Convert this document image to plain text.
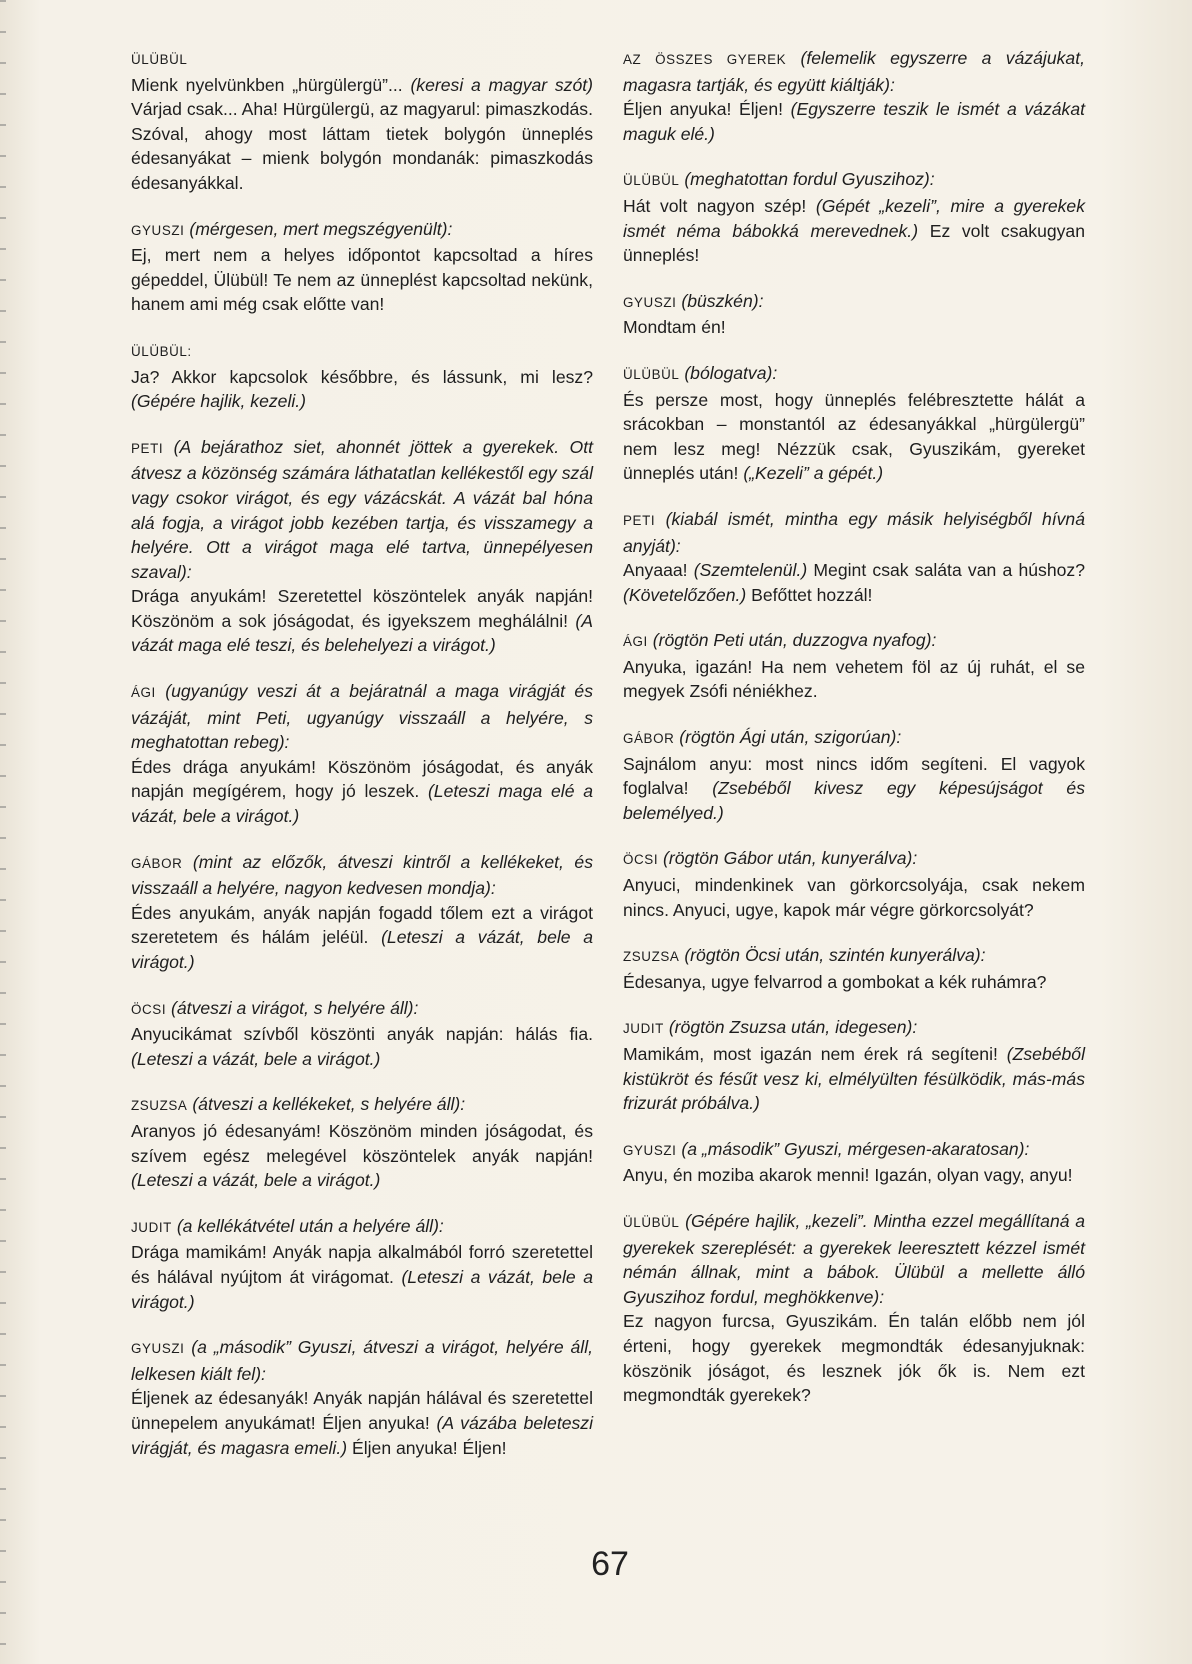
ÜLÜBÜL

Mienk nyelvünkben „hürgülergü”... (keresi a magyar szót) Várjad csak... Aha! Hürgülergü, az magyarul: pimaszkodás. Szóval, ahogy most láttam tietek bolygón ünneplés édesanyákat – mienk bolygón mondanák: pimaszkodás édesanyákkal.

GYUSZI (mérgesen, mert megszégyenült):

Ej, mert nem a helyes időpontot kapcsoltad a híres gépeddel, Ülübül! Te nem az ünneplést kapcsoltad nekünk, hanem ami még csak előtte van!

ÜLÜBÜL:

Ja? Akkor kapcsolok későbbre, és lássunk, mi lesz? (Gépére hajlik, kezeli.)

PETI (A bejárathoz siet, ahonnét jöttek a gyerekek. Ott átvesz a közönség számára láthatatlan kellékestől egy szál vagy csokor virágot, és egy vázácskát. A vázát bal hóna alá fogja, a virágot jobb kezében tartja, és visszamegy a helyére. Ott a virágot maga elé tartva, ünnepélyesen szaval):

Drága anyukám! Szeretettel köszöntelek anyák napján! Köszönöm a sok jóságodat, és igyekszem meghálálni! (A vázát maga elé teszi, és belehelyezi a virágot.)

ÁGI (ugyanúgy veszi át a bejáratnál a maga virágját és vázáját, mint Peti, ugyanúgy visszaáll a helyére, s meghatottan rebeg):

Édes drága anyukám! Köszönöm jóságodat, és anyák napján megígérem, hogy jó leszek. (Leteszi maga elé a vázát, bele a virágot.)

GÁBOR (mint az előzők, átveszi kintről a kellékeket, és visszaáll a helyére, nagyon kedvesen mondja):

Édes anyukám, anyák napján fogadd tőlem ezt a virágot szeretetem és hálám jeléül. (Leteszi a vázát, bele a virágot.)

ÖCSI (átveszi a virágot, s helyére áll):

Anyucikámat szívből köszönti anyák napján: hálás fia. (Leteszi a vázát, bele a virágot.)

ZSUZSA (átveszi a kellékeket, s helyére áll):

Aranyos jó édesanyám! Köszönöm minden jóságodat, és szívem egész melegével köszöntelek anyák napján! (Leteszi a vázát, bele a virágot.)

JUDIT (a kellékátvétel után a helyére áll):

Drága mamikám! Anyák napja alkalmából forró szeretettel és hálával nyújtom át virágomat. (Leteszi a vázát, bele a virágot.)

GYUSZI (a „második” Gyuszi, átveszi a virágot, helyére áll, lelkesen kiált fel):

Éljenek az édesanyák! Anyák napján hálával és szeretettel ünnepelem anyukámat! Éljen anyuka! (A vázába beleteszi virágját, és magasra emeli.) Éljen anyuka! Éljen!

AZ ÖSSZES GYEREK (felemelik egyszerre a vázájukat, magasra tartják, és együtt kiáltják):

Éljen anyuka! Éljen! (Egyszerre teszik le ismét a vázákat maguk elé.)

ÜLÜBÜL (meghatottan fordul Gyuszihoz):

Hát volt nagyon szép! (Gépét „kezeli”, mire a gyerekek ismét néma bábokká merevednek.) Ez volt csakugyan ünneplés!

GYUSZI (büszkén):

Mondtam én!

ÜLÜBÜL (bólogatva):

És persze most, hogy ünneplés felébresztette hálát a srácokban – monstantól az édesanyákkal „hürgülergü” nem lesz meg! Nézzük csak, Gyuszikám, gyereket ünneplés után! („Kezeli” a gépét.)

PETI (kiabál ismét, mintha egy másik helyiségből hívná anyját):

Anyaaa! (Szemtelenül.) Megint csak saláta van a húshoz? (Követelőzően.) Befőttet hozzál!

ÁGI (rögtön Peti után, duzzogva nyafog):

Anyuka, igazán! Ha nem vehetem föl az új ruhát, el se megyek Zsófi néniékhez.

GÁBOR (rögtön Ági után, szigorúan):

Sajnálom anyu: most nincs időm segíteni. El vagyok foglalva! (Zsebéből kivesz egy képesújságot és belemélyed.)

ÖCSI (rögtön Gábor után, kunyerálva):

Anyuci, mindenkinek van görkorcsolyája, csak nekem nincs. Anyuci, ugye, kapok már végre görkorcsolyát?

ZSUZSA (rögtön Öcsi után, szintén kunyerálva):

Édesanya, ugye felvarrod a gombokat a kék ruhámra?

JUDIT (rögtön Zsuzsa után, idegesen):

Mamikám, most igazán nem érek rá segíteni! (Zsebéből kistükröt és fésűt vesz ki, elmélyülten fésülködik, más-más frizurát próbálva.)

GYUSZI (a „második” Gyuszi, mérgesen-akaratosan):

Anyu, én moziba akarok menni! Igazán, olyan vagy, anyu!

ÜLÜBÜL (Gépére hajlik, „kezeli”. Mintha ezzel megállítaná a gyerekek szereplését: a gyerekek leeresztett kézzel ismét némán állnak, mint a bábok. Ülübül a mellette álló Gyuszihoz fordul, meghökkenve):

Ez nagyon furcsa, Gyuszikám. Én talán előbb nem jól érteni, hogy gyerekek megmondták édesanyjuknak: köszönik jóságot, és lesznek jók ők is. Nem ezt megmondták gyerekek?

67
